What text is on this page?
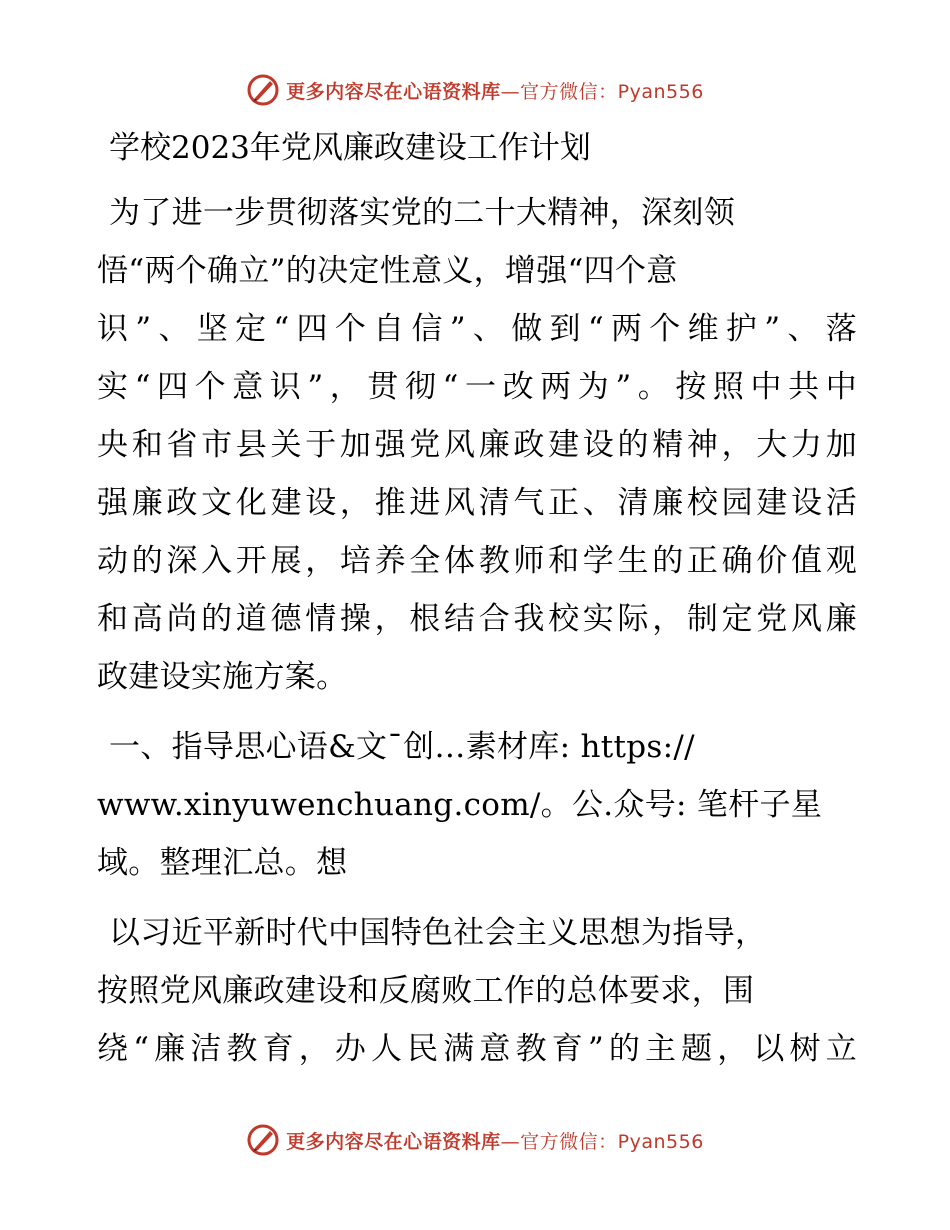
更多内容尽在心语资料库—官方微信：Pyan556
学校2023年党风廉政建设工作计划
为了进一步贯彻落实党的二十大精神，深刻领
悟“两个确立”的决定性意义，增强“四个意
识”、坚定“四个自信”、做到“两个维护”、落
实“四个意识”，贯彻“一改两为”。按照中共中
央和省市县关于加强党风廉政建设的精神，大力加
强廉政文化建设，推进风清气正、清廉校园建设活
动的深入开展，培养全体教师和学生的正确价值观
和高尚的道德情操，根结合我校实际，制定党风廉
政建设实施方案。
一、指导思心语&文¯创…素材库: https://
www.xinyuwenchuang.com/。公.众号: 笔杆子星
域。整理汇总。想
以习近平新时代中国特色社会主义思想为指导，
按照党风廉政建设和反腐败工作的总体要求，围
绕“廉洁教育，办人民满意教育”的主题，以树立
更多内容尽在心语资料库—官方微信：Pyan556
